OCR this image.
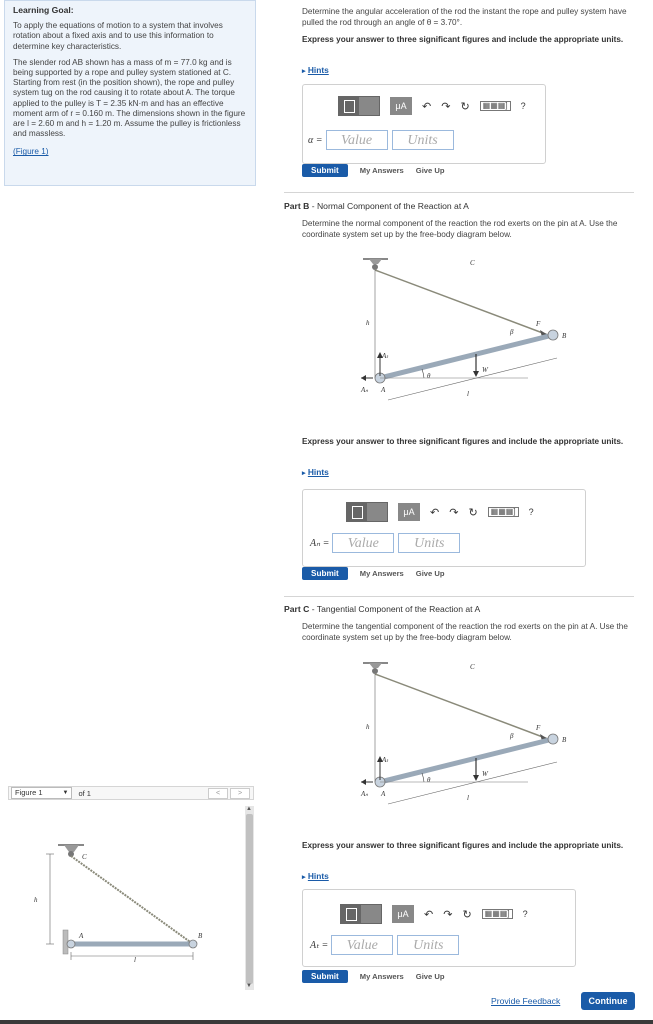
Learning Goal:

To apply the equations of motion to a system that involves rotation about a fixed axis and to use this information to determine key characteristics.

The slender rod AB shown has a mass of m = 77.0 kg and is being supported by a rope and pulley system stationed at C. Starting from rest (in the position shown), the rope and pulley system tug on the rod causing it to rotate about A. The torque applied to the pulley is T = 2.35 kN·m and has an effective moment arm of r = 0.160 m. The dimensions shown in the figure are l = 2.60 m and h = 1.20 m. Assume the pulley is frictionless and massless.

(Figure 1)
Figure 1	▼ of 1	<	>
C
A	B
h
l
▲
▼
Determine the angular acceleration of the rod the instant the rope and pulley system have pulled the rod through an angle of θ = 3.70°.
Express your answer to three significant figures and include the appropriate units.
▸ Hints
μA	↶ ↷ ↻	▦▦▦]	?
α =	Value	Units
Submit	My Answers Give Up
Part B - Normal Component of the Reaction at A
Determine the normal component of the reaction the rod exerts on the pin at A. Use the coordinate system set up by the free-body diagram below.
C
h
B
F
β
W
θ
l
Aₜ
Aₙ A
Express your answer to three significant figures and include the appropriate units.
▸ Hints
μA	↶ ↷ ↻	▦▦▦]	?
Aₙ =	Value	Units
Submit	My Answers Give Up
Part C - Tangential Component of the Reaction at A
Determine the tangential component of the reaction the rod exerts on the pin at A. Use the coordinate system set up by the free-body diagram below.
C
h
B
F
β
W
θ
l
Aₜ
Aₙ A
Express your answer to three significant figures and include the appropriate units.
▸ Hints
μA	↶ ↷ ↻	▦▦▦]	?
Aₜ =	Value	Units
Submit	My Answers Give Up
Provide Feedback	Continue
